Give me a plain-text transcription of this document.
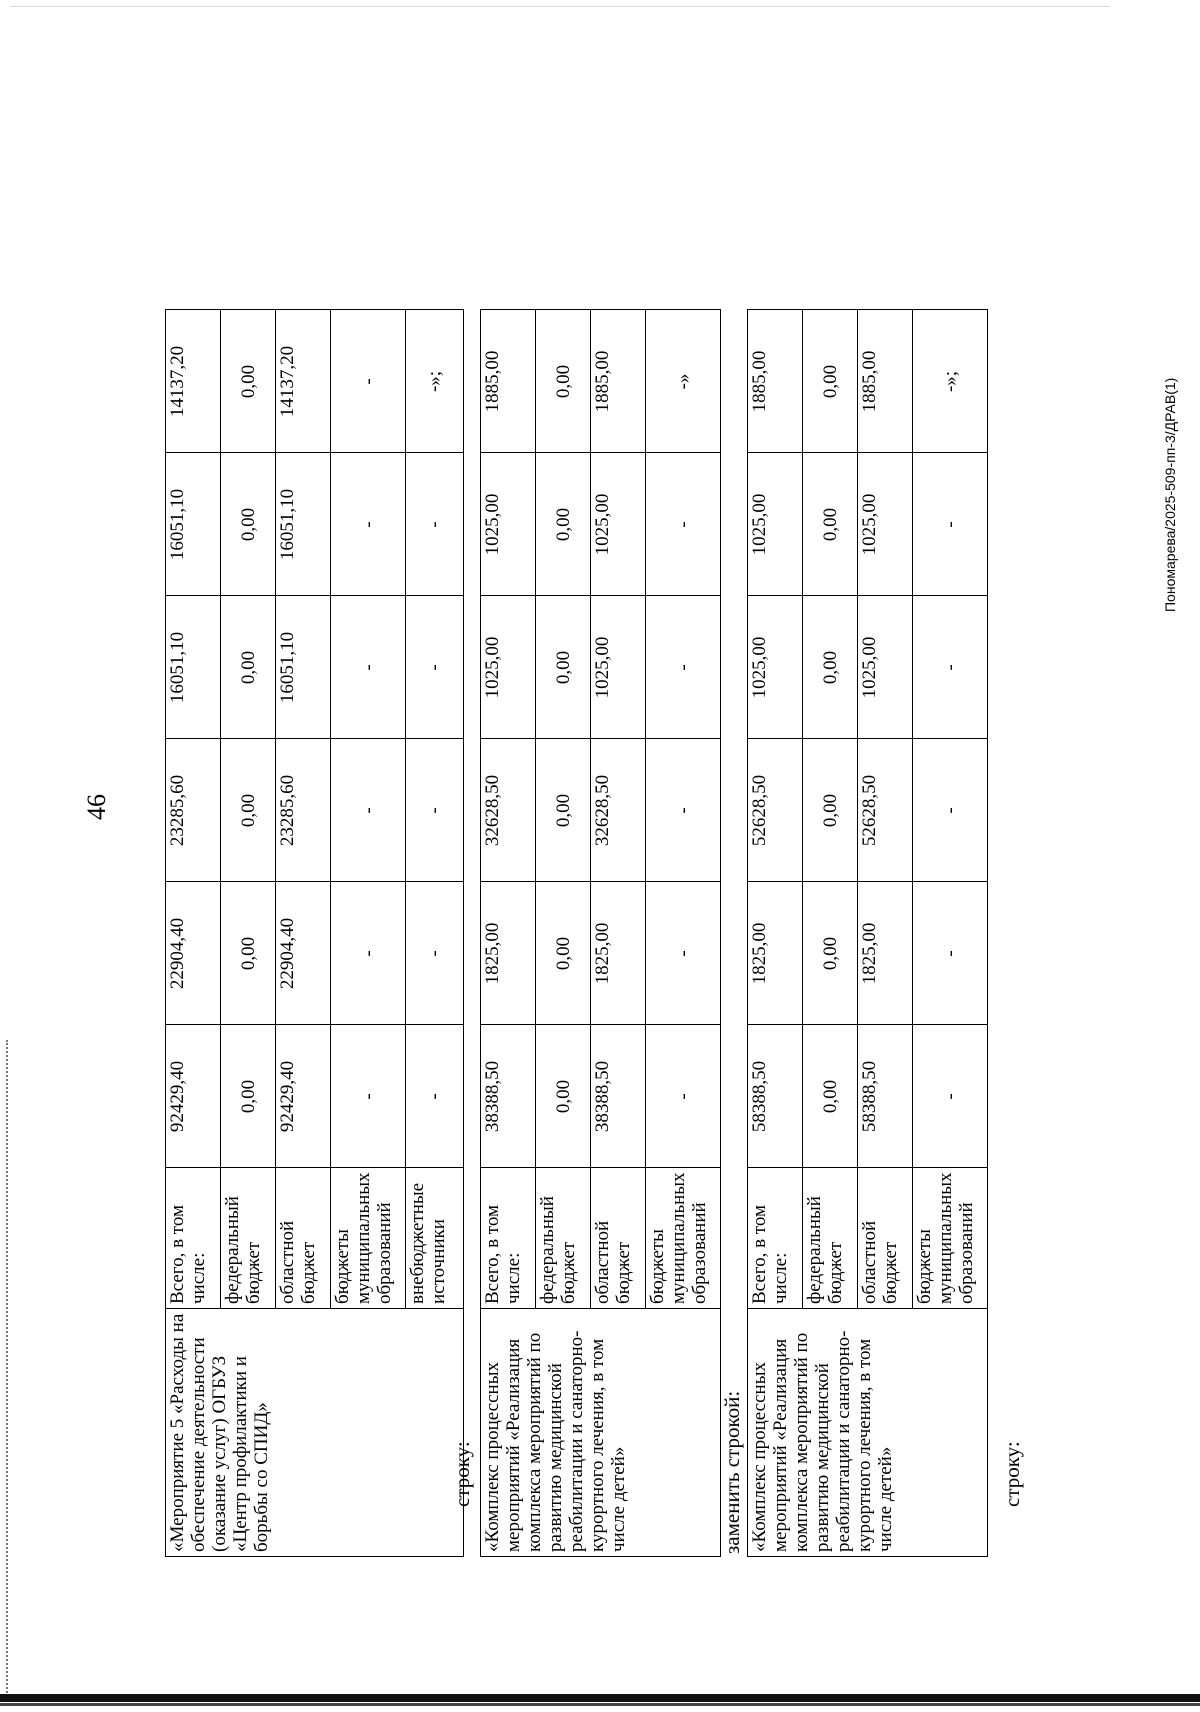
46
«Мероприятие 5 «Расходы на обеспечение деятельности (оказание услуг) ОГБУЗ «Центр профилактики и борьбы со СПИД»	Всего, в том числе:	92429,40	22904,40	23285,60	16051,10	16051,10	14137,20
	федеральный бюджет	0,00	0,00	0,00	0,00	0,00	0,00
	областной бюджет	92429,40	22904,40	23285,60	16051,10	16051,10	14137,20
	бюджеты муниципальных образований	-	-	-	-	-	-
	внебюджетные источники	-	-	-	-	-	-»;
строку: «Комплекс процессных мероприятий «Реализация комплекса мероприятий по развитию медицинской реабилитации и санаторно-курортного лечения, в том числе детей»	Всего, в том числе:	38388,50	1825,00	32628,50	1025,00	1025,00	1885,00
	федеральный бюджет	0,00	0,00	0,00	0,00	0,00	0,00
	областной бюджет	38388,50	1825,00	32628,50	1025,00	1025,00	1885,00
	бюджеты муниципальных образований	-	-	-	-	-	-»
заменить строкой: «Комплекс процессных мероприятий «Реализация комплекса мероприятий по развитию медицинской реабилитации и санаторно-курортного лечения, в том числе детей»	Всего, в том числе:	58388,50	1825,00	52628,50	1025,00	1025,00	1885,00
	федеральный бюджет	0,00	0,00	0,00	0,00	0,00	0,00
	областной бюджет	58388,50	1825,00	52628,50	1025,00	1025,00	1885,00
	бюджеты муниципальных образований	-	-	-	-	-	-»;
строку:
Пономарева/2025-509-пп-3/ДРАВ(1)
